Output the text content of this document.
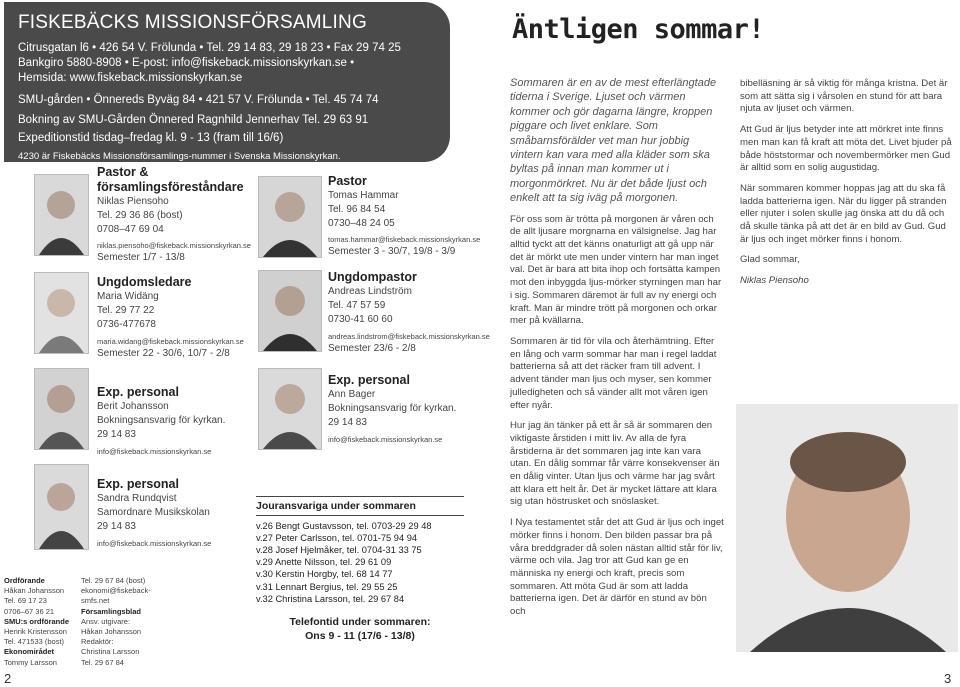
FISKEBÄCKS MISSIONSFÖRSAMLING
Citrusgatan l6 • 426 54 V. Frölunda • Tel. 29 14 83, 29 18 23 • Fax 29 74 25
Bankgiro 5880-8908 • E-post: info@fiskeback.missionskyrkan.se •
Hemsida: www.fiskeback.missionskyrkan.se
SMU-gården • Önnereds Byväg 84 • 421 57 V. Frölunda • Tel. 45 74 74
Bokning av SMU-Gården Önnered Ragnhild Jennerhav Tel. 29 63 91
Expeditionstid tisdag–fredag kl. 9 - 13 (fram till 16/6)
4230 är Fiskebäcks Missionsförsamlings-nummer i Svenska Missionskyrkan.
Pastor &
församlingsföreståndare
Niklas Piensoho
Tel. 29 36 86 (bost)
0708–47 69 04
niklas.piensoho@fiskeback.missionskyrkan.se
Semester 1/7 - 13/8
Ungdomsledare
Maria Widäng
Tel. 29 77 22
0736-477678
maria.widang@fiskeback.missionskyrkan.se
Semester 22 - 30/6, 10/7 - 2/8
Exp. personal
Berit Johansson
Bokningsansvarig för kyrkan.
29 14 83
info@fiskeback.missionskyrkan.se
Exp. personal
Sandra Rundqvist
Samordnare Musikskolan
29 14 83
info@fiskeback.missionskyrkan.se
Pastor
Tomas Hammar
Tel. 96 84 54
0730–48 24 05
tomas.hammar@fiskeback.missionskyrkan.se
Semester 3 - 30/7, 19/8 - 3/9
Ungdompastor
Andreas Lindström
Tel. 47 57 59
0730-41 60 60
andreas.lindstrom@fiskeback.missionskyrkan.se
Semester 23/6 - 2/8
Exp. personal
Ann Bager
Bokningsansvarig för kyrkan.
29 14 83
info@fiskeback.missionskyrkan.se
Ordförande
Håkan Johansson
Tel. 69 17 23
0706–67 36 21
SMU:s ordförande
Henrik Kristensson
Tel. 471533 (bost)
Ekonomirådet
Tommy Larsson
Tel. 29 67 84 (bost)
ekonomi@fiskeback-
smfs.net
Församlingsblad
Ansv. utgivare:
Håkan Johansson
Redaktör:
Christina Larsson
Tel. 29 67 84
Jouransvariga under sommaren
v.26 Bengt Gustavsson, tel. 0703-29 29 48
v.27 Peter Carlsson, tel. 0701-75 94 94
v.28 Josef Hjelmåker, tel. 0704-31 33 75
v.29 Anette Nilsson, tel. 29 61 09
v.30 Kerstin Horgby, tel. 68 14 77
v.31 Lennart Bergius, tel. 29 55 25
v.32 Christina Larsson, tel. 29 67 84
Telefontid under sommaren:
Ons 9 - 11 (17/6 - 13/8)
2
Äntligen sommar!

Sommaren är en av de mest efterlängtade tiderna i Sverige. Ljuset och värmen kommer och gör dagarna längre, kroppen piggare och livet enklare. Som småbarnsförälder vet man hur jobbig vintern kan vara med alla kläder som ska byltas på innan man kommer ut i morgonmörkret. Nu är det både ljust och enkelt att ta sig iväg på morgonen.

För oss som är trötta på morgonen är våren och de allt ljusare morgnarna en välsignelse. Jag har alltid tyckt att det känns onaturligt att gå upp när det är mörkt ute men under vintern har man inget val. Det är bara att bita ihop och fortsätta kampen mot den inbyggda ljus-mörker styrningen man har i sig. Sommaren däremot är full av ny energi och kraft. Man är mindre trött på morgonen och orkar mer på kvällarna.

Sommaren är tid för vila och återhämtning. Efter en lång och varm sommar har man i regel laddat batterierna så att det räcker fram till advent. I advent tänder man ljus och myser, sen kommer julledigheten och så vänder allt mot våren igen efter nyår.

Hur jag än tänker på ett år så är sommaren den viktigaste årstiden i mitt liv. Av alla de fyra årstiderna är det sommaren jag inte kan vara utan. En dålig sommar får värre konsekvenser än en dålig vinter. Utan ljus och värme har jag svårt att klara ett helt år. Det är mycket lättare att klara sig utan höstrusket och snöslasket.

I Nya testamentet står det att Gud är ljus och inget mörker finns i honom. Den bilden passar bra på våra breddgrader då solen nästan alltid står för liv, värme och vila. Jag tror att Gud kan ge en människa ny energi och kraft, precis som sommaren. Att möta Gud är som att ladda batterierna igen. Det är därför en stund av bön och

bibelläsning är så viktig för många kristna. Det är som att sätta sig i vårsolen en stund för att bara njuta av ljuset och värmen.

Att Gud är ljus betyder inte att mörkret inte finns men man kan få kraft att möta det. Livet bjuder på både höststormar och novembermörker men Gud är alltid som en solig augustidag.

När sommaren kommer hoppas jag att du ska få ladda batterierna igen. När du ligger på stranden eller njuter i solen skulle jag önska att du då och då skulle tänka på att det är en bild av Gud. Gud är ljus och inget mörker finns i honom.

Glad sommar,

Niklas Piensoho

3
